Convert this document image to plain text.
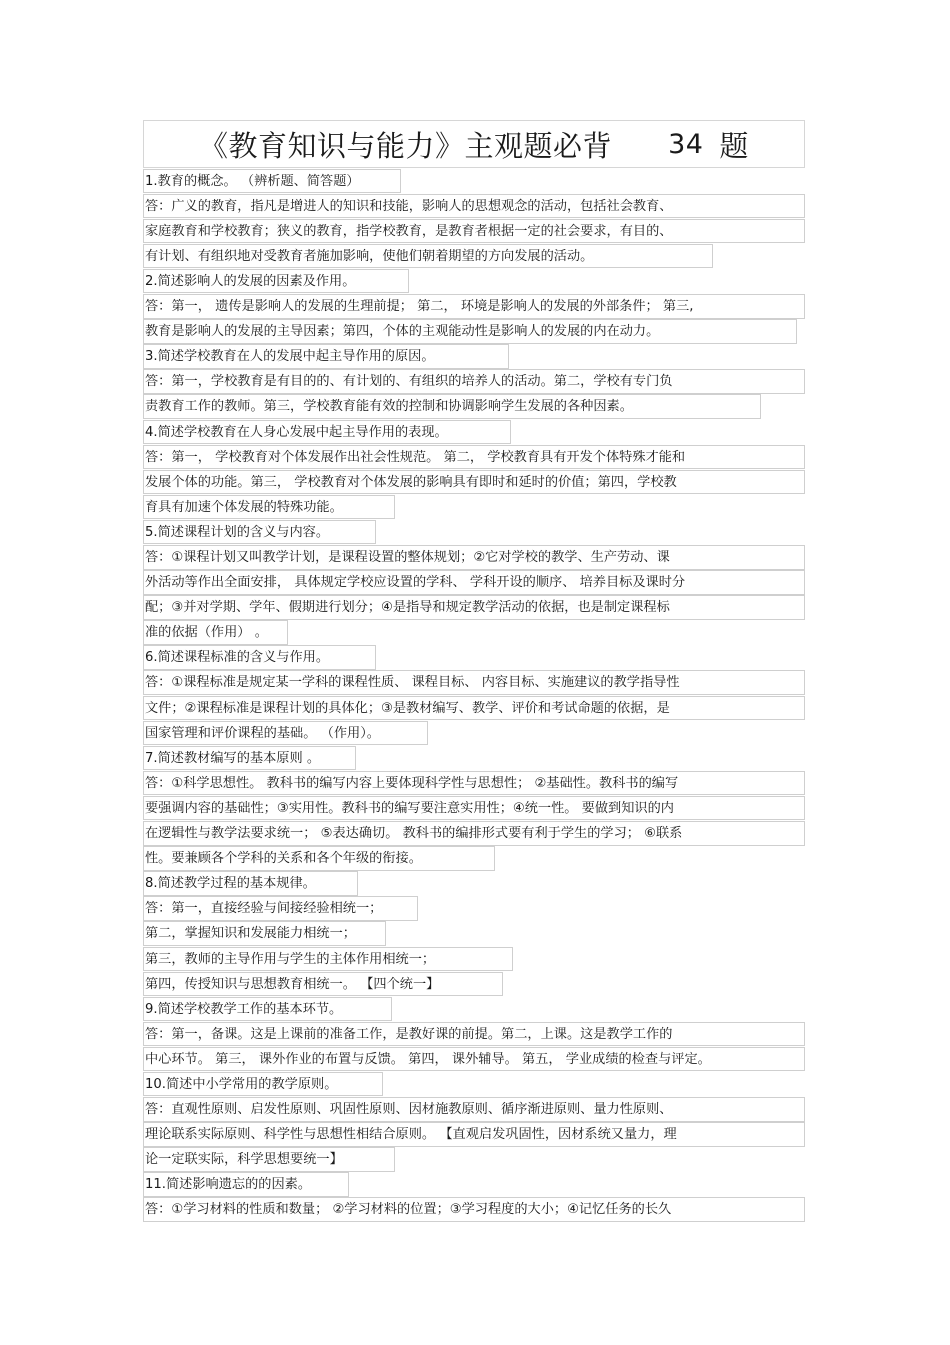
《教育知识与能力》主观题必背 34 题
1.教育的概念。 （辨析题、简答题）
答：广义的教育，指凡是增进人的知识和技能，影响人的思想观念的活动，包括社会教育、
家庭教育和学校教育；狭义的教育，指学校教育，是教育者根据一定的社会要求，有目的、
有计划、有组织地对受教育者施加影响，使他们朝着期望的方向发展的活动。
2.简述影响人的发展的因素及作用。
答：第一， 遗传是影响人的发展的生理前提； 第二， 环境是影响人的发展的外部条件； 第三,
教育是影响人的发展的主导因素；第四，个体的主观能动性是影响人的发展的内在动力。
3.简述学校教育在人的发展中起主导作用的原因。
答：第一，学校教育是有目的的、有计划的、有组织的培养人的活动。第二，学校有专门负
责教育工作的教师。第三，学校教育能有效的控制和协调影响学生发展的各种因素。
4.简述学校教育在人身心发展中起主导作用的表现。
答：第一， 学校教育对个体发展作出社会性规范。 第二， 学校教育具有开发个体特殊才能和
发展个体的功能。第三， 学校教育对个体发展的影响具有即时和延时的价值；第四，学校教
育具有加速个体发展的特殊功能。
5.简述课程计划的含义与内容。
答：①课程计划又叫教学计划，是课程设置的整体规划；②它对学校的教学、生产劳动、课
外活动等作出全面安排， 具体规定学校应设置的学科、 学科开设的顺序、 培养目标及课时分
配；③并对学期、学年、假期进行划分；④是指导和规定教学活动的依据，也是制定课程标
准的依据（作用） 。
6.简述课程标准的含义与作用。
答：①课程标准是规定某一学科的课程性质、 课程目标、 内容目标、实施建议的教学指导性
文件；②课程标准是课程计划的具体化；③是教材编写、教学、评价和考试命题的依据，是
国家管理和评价课程的基础。 （作用）。
7.简述教材编写的基本原则 。
答：①科学思想性。 教科书的编写内容上要体现科学性与思想性； ②基础性。教科书的编写
要强调内容的基础性；③实用性。教科书的编写要注意实用性；④统一性。 要做到知识的内
在逻辑性与教学法要求统一； ⑤表达确切。 教科书的编排形式要有利于学生的学习； ⑥联系
性。要兼顾各个学科的关系和各个年级的衔接。
8.简述教学过程的基本规律。
答：第一，直接经验与间接经验相统一；
第二，掌握知识和发展能力相统一；
第三，教师的主导作用与学生的主体作用相统一；
第四，传授知识与思想教育相统一。 【四个统一】
9.简述学校教学工作的基本环节。
答：第一，备课。这是上课前的准备工作，是教好课的前提。第二，上课。这是教学工作的
中心环节。 第三， 课外作业的布置与反馈。 第四， 课外辅导。 第五， 学业成绩的检查与评定。
10.简述中小学常用的教学原则。
答：直观性原则、启发性原则、巩固性原则、因材施教原则、循序渐进原则、量力性原则、
理论联系实际原则、科学性与思想性相结合原则。 【直观启发巩固性，因材系统又量力，理
论一定联实际，科学思想要统一】
11.简述影响遗忘的的因素。
答：①学习材料的性质和数量； ②学习材料的位置；③学习程度的大小；④记忆任务的长久
